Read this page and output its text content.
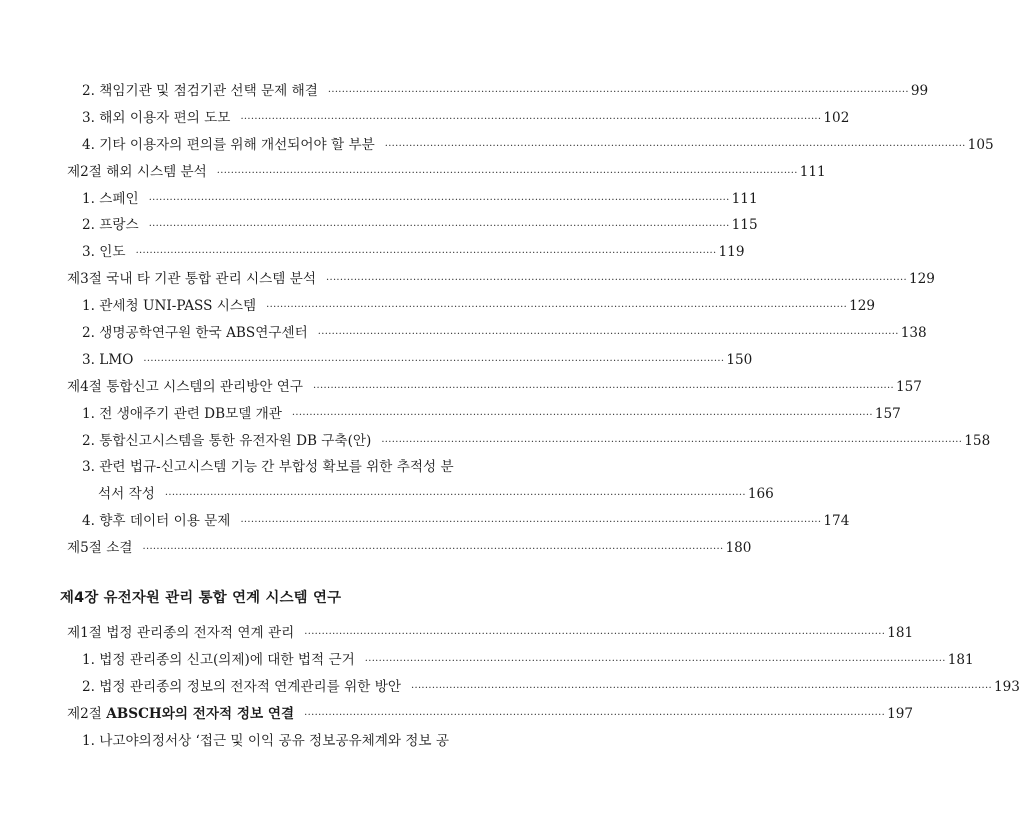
2. 책임기관 및 점검기관 선택 문제 해결 ······································································································································································· 99
3. 해외 이용자 편의 도모 ······································································································································································· 102
4. 기타 이용자의 편의를 위해 개선되어야 할 부분 ······································································································································································· 105
제2절 해외 시스템 분석 ······································································································································································· 111
1. 스페인 ······································································································································································· 111
2. 프랑스 ······································································································································································· 115
3. 인도 ······································································································································································· 119
제3절 국내 타 기관 통합 관리 시스템 분석 ······································································································································································· 129
1. 관세청 UNI-PASS 시스템 ······································································································································································· 129
2. 생명공학연구원 한국 ABS연구센터 ······································································································································································· 138
3. LMO ······································································································································································· 150
제4절 통합신고 시스템의 관리방안 연구 ······································································································································································· 157
1. 전 생애주기 관련 DB모델 개관 ······································································································································································· 157
2. 통합신고시스템을 통한 유전자원 DB 구축(안) ······································································································································································· 158
3. 관련 법규-신고시스템 기능 간 부합성 확보를 위한 추적성 분
석서 작성 ······································································································································································· 166
4. 향후 데이터 이용 문제 ······································································································································································· 174
제5절 소결 ······································································································································································· 180
제4장 유전자원 관리 통합 연계 시스템 연구
제1절 법정 관리종의 전자적 연계 관리 ······································································································································································· 181
1. 법정 관리종의 신고(의제)에 대한 법적 근거 ······································································································································································· 181
2. 법정 관리종의 정보의 전자적 연계관리를 위한 방안 ······································································································································································· 193
제2절 ABSCH와의 전자적 정보 연결 ······································································································································································· 197
1. 나고야의정서상 ‘접근 및 이익 공유 정보공유체계와 정보 공
